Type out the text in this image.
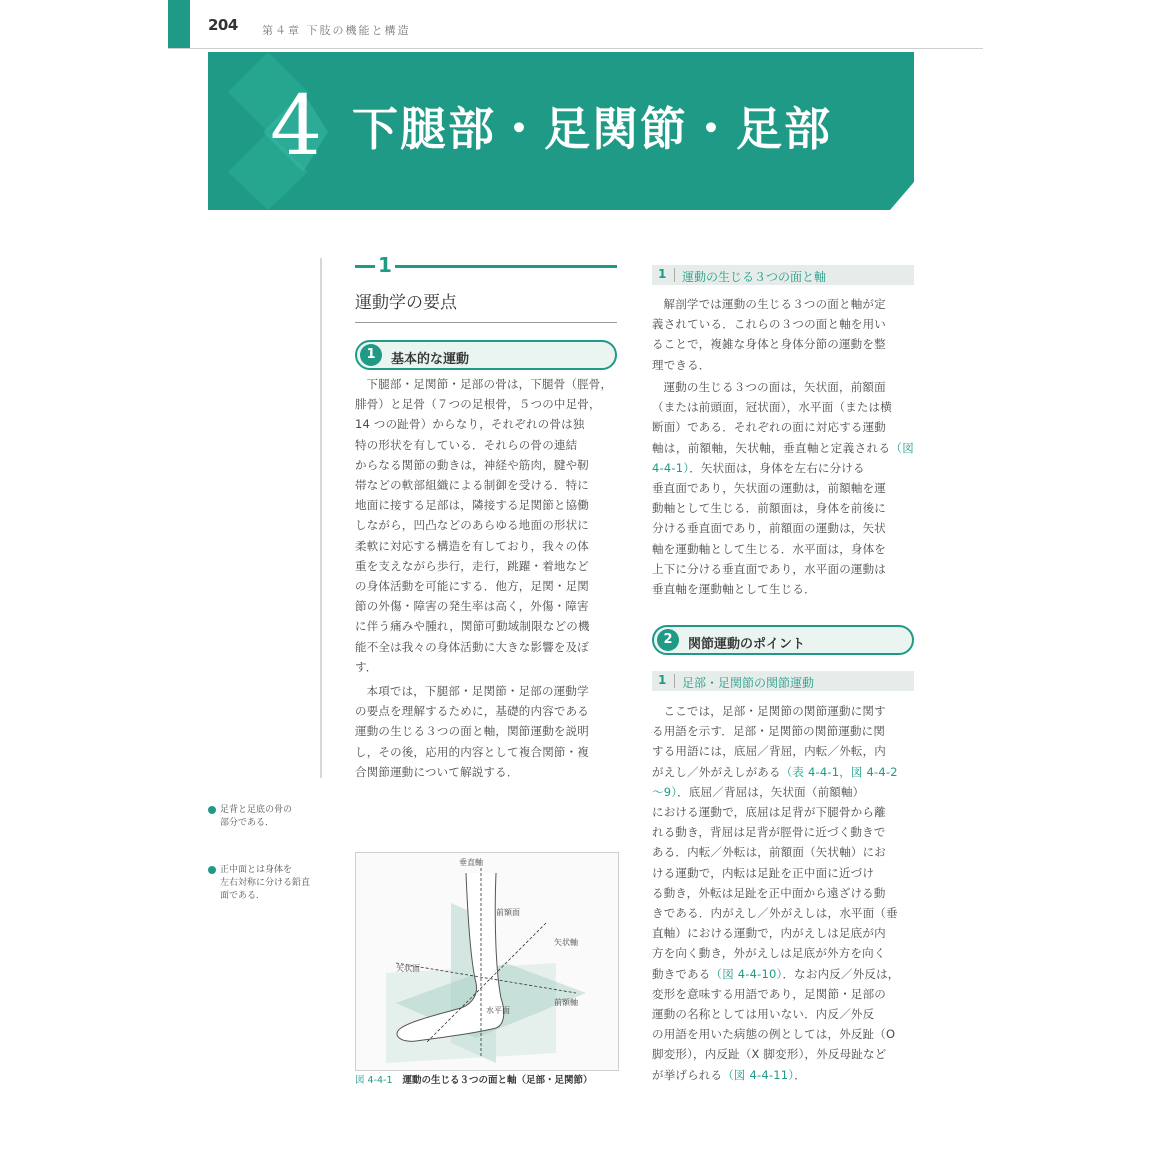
204 第４章 下肢の機能と構造
4 下腿部・足関節・足部
1
運動学の要点
1	基本的な運動
下腿部・足関節・足部の骨は，下腿骨（脛骨，
腓骨）と足骨（７つの足根骨，５つの中足骨，
14 つの趾骨）からなり，それぞれの骨は独
特の形状を有している．それらの骨の連結
からなる関節の動きは，神経や筋肉，腱や靭
帯などの軟部組織による制御を受ける．特に
地面に接する足部は，隣接する足関節と協働
しながら，凹凸などのあらゆる地面の形状に
柔軟に対応する構造を有しており，我々の体
重を支えながら歩行，走行，跳躍・着地など
の身体活動を可能にする．他方，足関・足関
節の外傷・障害の発生率は高く，外傷・障害
に伴う痛みや腫れ，関節可動域制限などの機
能不全は我々の身体活動に大きな影響を及ぼ
す．
本項では，下腿部・足関節・足部の運動学
の要点を理解するために，基礎的内容である
運動の生じる３つの面と軸，関節運動を説明
し，その後，応用的内容として複合関節・複
合関節運動について解説する．
足背と足底の骨の
部分である．
正中面とは身体を
左右対称に分ける鉛直
面である．
垂直軸
前額面
矢状軸
矢状面
前額軸
水平面
図 4-4-1 運動の生じる３つの面と軸（足部・足関節）
1 運動の生じる３つの面と軸
解剖学では運動の生じる３つの面と軸が定
義されている．これらの３つの面と軸を用い
ることで，複雑な身体と身体分節の運動を整
理できる．
運動の生じる３つの面は，矢状面，前額面
（または前頭面，冠状面），水平面（または横
断面）である．それぞれの面に対応する運動
軸は，前額軸，矢状軸，垂直軸と定義される（図 4-4-1）．矢状面は，身体を左右に分ける
垂直面であり，矢状面の運動は，前額軸を運
動軸として生じる．前額面は，身体を前後に
分ける垂直面であり，前額面の運動は，矢状
軸を運動軸として生じる．水平面は，身体を
上下に分ける垂直面であり，水平面の運動は
垂直軸を運動軸として生じる．
2	関節運動のポイント
1 足部・足関節の関節運動
ここでは，足部・足関節の関節運動に関す
る用語を示す．足部・足関節の関節運動に関
する用語には，底屈／背屈，内転／外転，内
がえし／外がえしがある（表 4-4-1，図 4-4-2
～9）．底屈／背屈は，矢状面（前額軸）
における運動で，底屈は足背が下腿骨から離
れる動き，背屈は足背が脛骨に近づく動きで
ある．内転／外転は，前額面（矢状軸）にお
ける運動で，内転は足趾を正中面に近づけ
る動き，外転は足趾を正中面から遠ざける動
きである．内がえし／外がえしは，水平面（垂
直軸）における運動で，内がえしは足底が内
方を向く動き，外がえしは足底が外方を向く
動きである（図 4-4-10）．なお内反／外反は，
変形を意味する用語であり，足関節・足部の
運動の名称としては用いない．内反／外反
の用語を用いた病態の例としては，外反趾（O
脚変形），内反趾（X 脚変形），外反母趾など
が挙げられる（図 4-4-11）．
